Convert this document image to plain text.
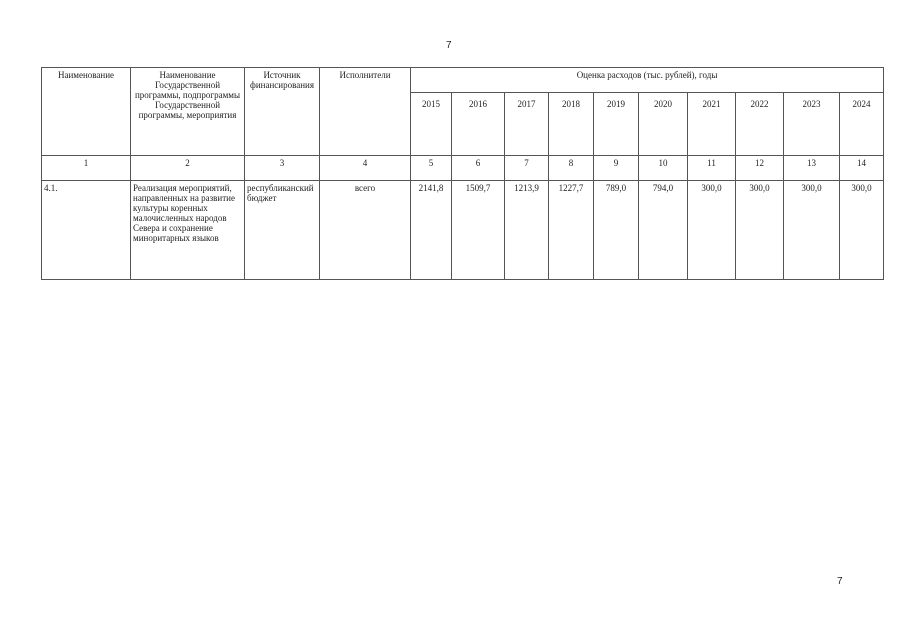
7
Наименование	Наименование Государственной программы, подпрограммы Государственной программы, мероприятия	Источник финансирования	Исполнители	Оценка расходов (тыс. рублей), годы									
				2015	2016	2017	2018	2019	2020	2021	2022	2023	2024
1	2	3	4	5	6	7	8	9	10	11	12	13	14
4.1.	Реализация мероприятий, направленных на развитие культуры коренных малочисленных народов Севера и сохранение миноритарных языков	республиканский бюджет	всего	2141,8	1509,7	1213,9	1227,7	789,0	794,0	300,0	300,0	300,0	300,0
7
